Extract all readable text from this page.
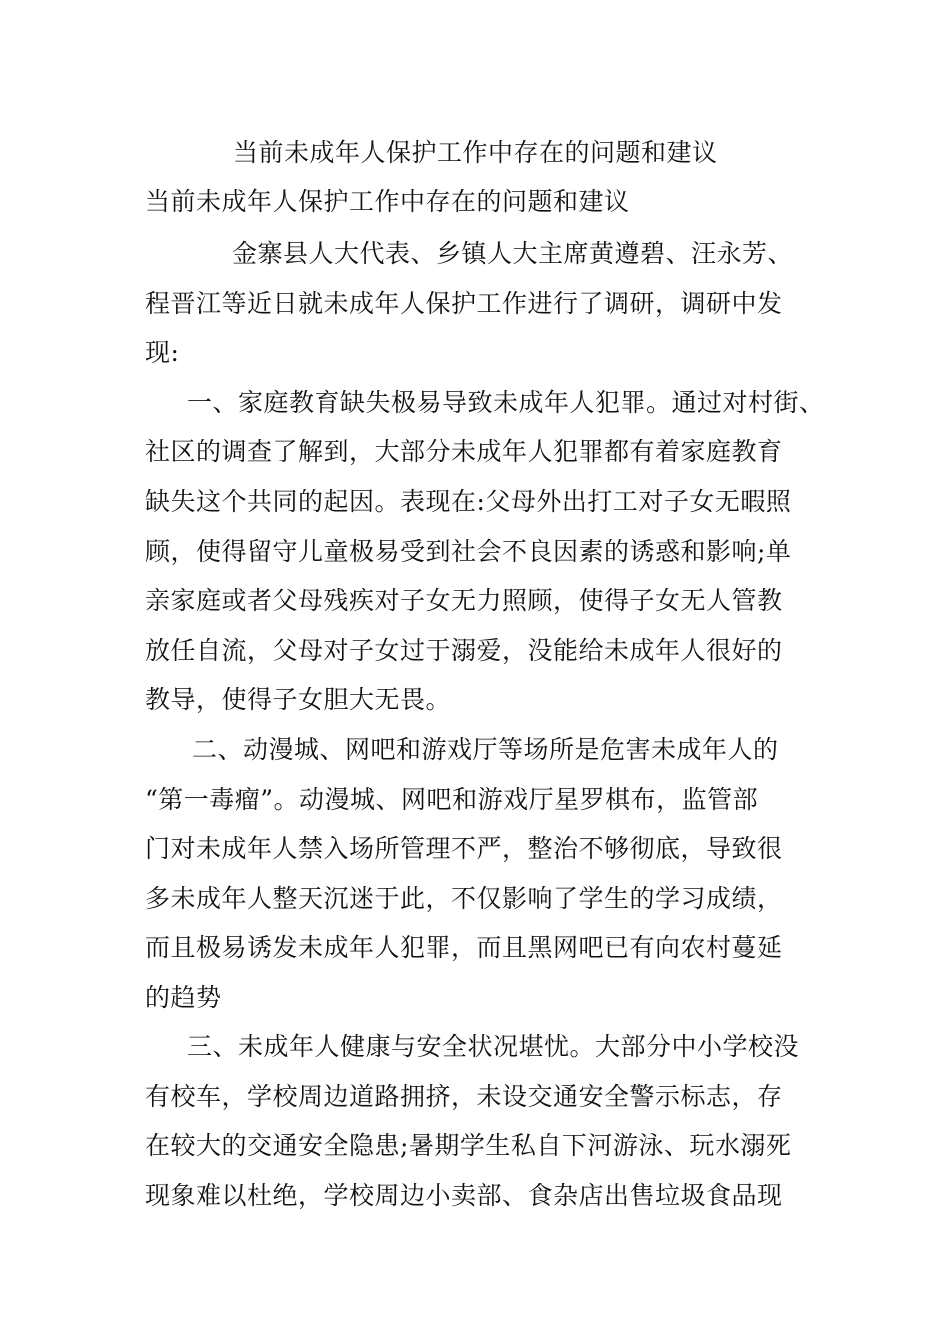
当前未成年人保护工作中存在的问题和建议
当前未成年人保护工作中存在的问题和建议
金寨县人大代表、乡镇人大主席黄遵碧、汪永芳、
程晋江等近日就未成年人保护工作进行了调研，调研中发
现:
一、家庭教育缺失极易导致未成年人犯罪。通过对村街、
社区的调查了解到，大部分未成年人犯罪都有着家庭教育
缺失这个共同的起因。表现在:父母外出打工对子女无暇照
顾，使得留守儿童极易受到社会不良因素的诱惑和影响;单
亲家庭或者父母残疾对子女无力照顾，使得子女无人管教
放任自流，父母对子女过于溺爱，没能给未成年人很好的
教导，使得子女胆大无畏。
二、动漫城、网吧和游戏厅等场所是危害未成年人的
“第一毒瘤”。动漫城、网吧和游戏厅星罗棋布，监管部
门对未成年人禁入场所管理不严，整治不够彻底，导致很
多未成年人整天沉迷于此，不仅影响了学生的学习成绩，
而且极易诱发未成年人犯罪，而且黑网吧已有向农村蔓延
的趋势
三、未成年人健康与安全状况堪忧。大部分中小学校没
有校车，学校周边道路拥挤，未设交通安全警示标志，存
在较大的交通安全隐患;暑期学生私自下河游泳、玩水溺死
现象难以杜绝，学校周边小卖部、食杂店出售垃圾食品现
